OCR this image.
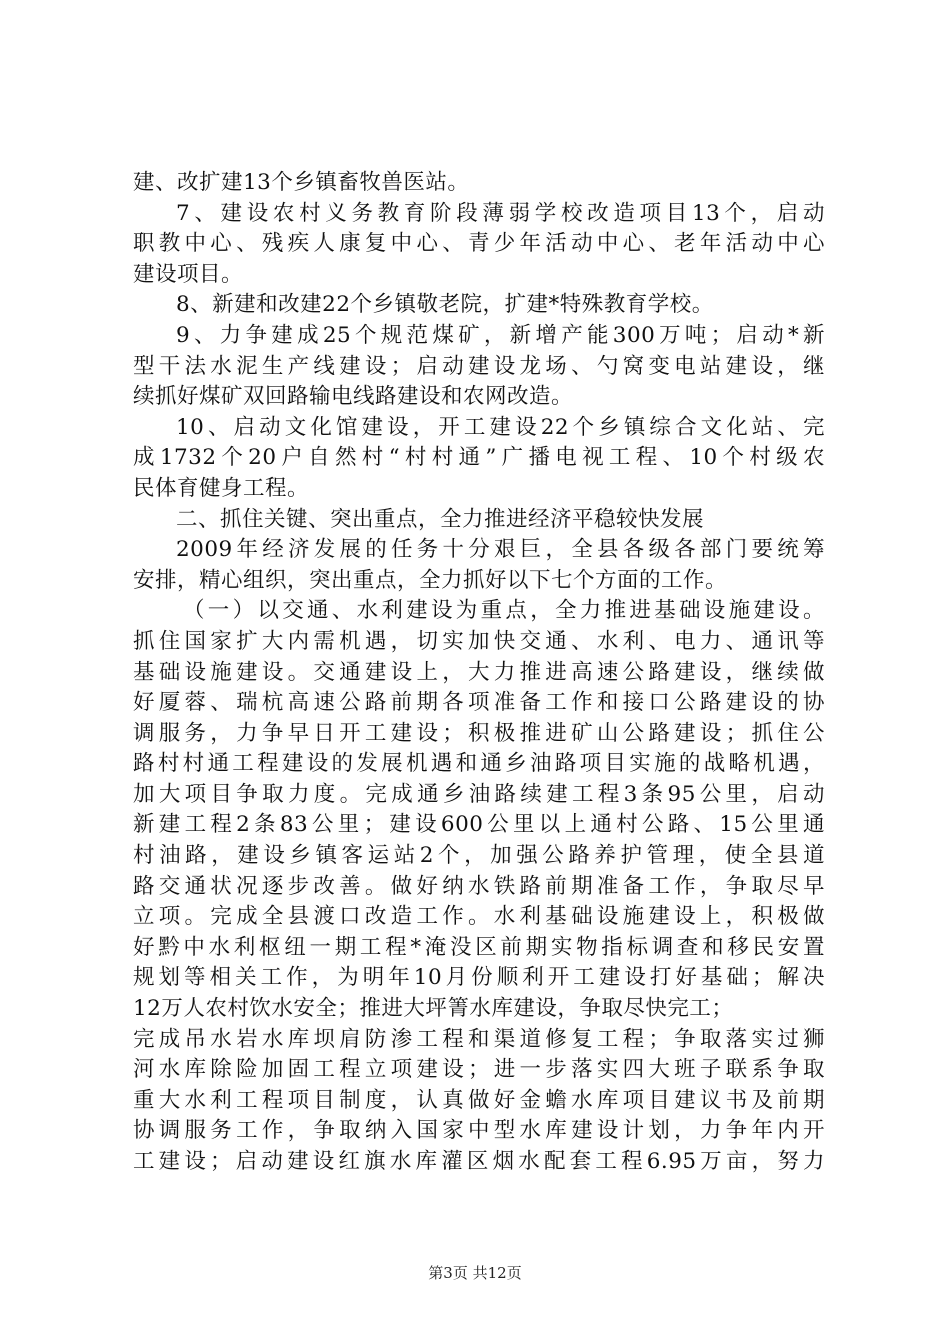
建、改扩建13个乡镇畜牧兽医站。
7、建设农村义务教育阶段薄弱学校改造项目13个，启动
职教中心、残疾人康复中心、青少年活动中心、老年活动中心
建设项目。
8、新建和改建22个乡镇敬老院，扩建*特殊教育学校。
9、力争建成25个规范煤矿，新增产能300万吨；启动*新
型干法水泥生产线建设；启动建设龙场、勺窝变电站建设，继
续抓好煤矿双回路输电线路建设和农网改造。
10、启动文化馆建设，开工建设22个乡镇综合文化站、完
成1732个20户自然村“村村通”广播电视工程、10个村级农
民体育健身工程。
二、抓住关键、突出重点，全力推进经济平稳较快发展
2009年经济发展的任务十分艰巨，全县各级各部门要统筹
安排，精心组织，突出重点，全力抓好以下七个方面的工作。
（一）以交通、水利建设为重点，全力推进基础设施建设。
抓住国家扩大内需机遇，切实加快交通、水利、电力、通讯等
基础设施建设。交通建设上，大力推进高速公路建设，继续做
好厦蓉、瑞杭高速公路前期各项准备工作和接口公路建设的协
调服务，力争早日开工建设；积极推进矿山公路建设；抓住公
路村村通工程建设的发展机遇和通乡油路项目实施的战略机遇，
加大项目争取力度。完成通乡油路续建工程3条95公里，启动
新建工程2条83公里；建设600公里以上通村公路、15公里通
村油路，建设乡镇客运站2个，加强公路养护管理，使全县道
路交通状况逐步改善。做好纳水铁路前期准备工作，争取尽早
立项。完成全县渡口改造工作。水利基础设施建设上，积极做
好黔中水利枢纽一期工程*淹没区前期实物指标调查和移民安置
规划等相关工作，为明年10月份顺利开工建设打好基础；解决
12万人农村饮水安全；推进大坪箐水库建设，争取尽快完工；
完成吊水岩水库坝肩防渗工程和渠道修复工程；争取落实过狮
河水库除险加固工程立项建设；进一步落实四大班子联系争取
重大水利工程项目制度，认真做好金蟾水库项目建议书及前期
协调服务工作，争取纳入国家中型水库建设计划，力争年内开
工建设；启动建设红旗水库灌区烟水配套工程6.95万亩，努力
第3页 共12页
